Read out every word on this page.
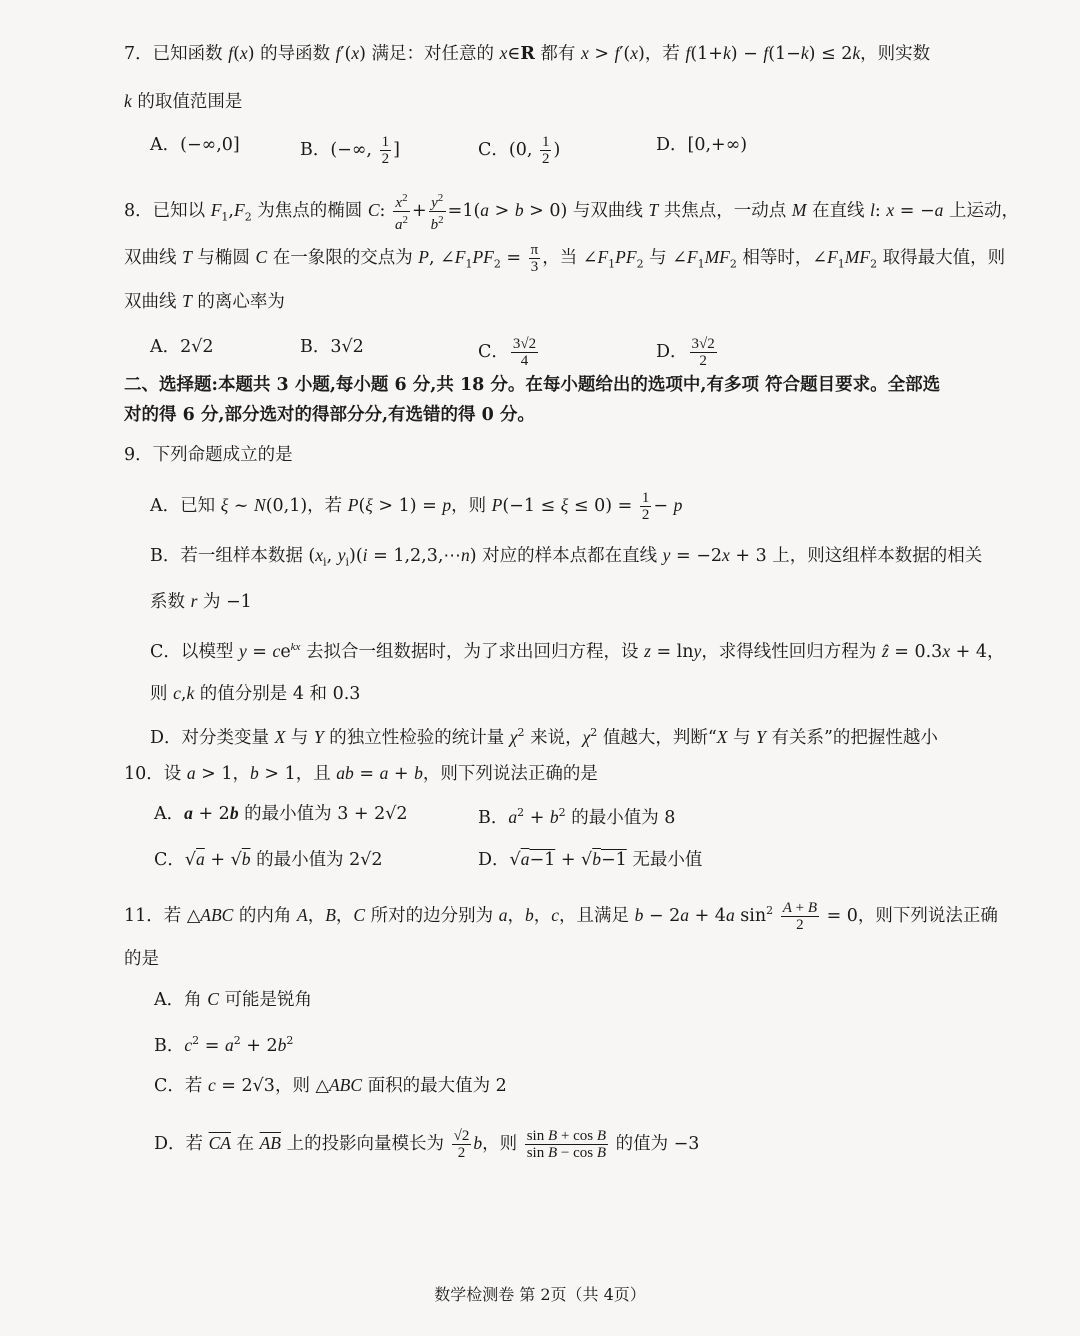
7．已知函数 f(x) 的导函数 f′(x) 满足：对任意的 x∈R 都有 x > f′(x)，若 f(1+k) − f(1−k) ≤ 2k，则实数
k 的取值范围是
A．(−∞,0]	B．(−∞, $\frac{1}{2}$ ]	C．(0, $\frac{1}{2}$ )	D．[0,+∞)
8．已知以 $F_1,F_2$ 为焦点的椭圆 C: $\frac{x^2}{a^2} + \frac{y^2}{b^2} =1(a > b > 0)$ 与双曲线 T 共焦点，一动点 M 在直线 l: x = −a 上运动，
双曲线 T 与椭圆 C 在一象限的交点为 P, $\angle F_1PF_2 = \frac{\pi}{3}$ ，当 $\angle F_1PF_2$ 与 $\angle F_1MF_2$ 相等时，$\angle F_1MF_2$ 取得最大值，则
双曲线 T 的离心率为
A．2√2	B．3√2	C． $\frac{3√2}{4}$	D． $\frac{3√2}{2}$
二、选择题:本题共 3 小题,每小题 6 分,共 18 分。在每小题给出的选项中,有多项 符合题目要求。全部选
对的得 6 分,部分选对的得部分分,有选错的得 0 分。
9．下列命题成立的是
A．已知 ξ ~ N(0,1)，若 P(ξ > 1) = p，则 $P(-1 \le \xi \le 0) = \frac{1}{2} - p$
B．若一组样本数据 ($x_i$, $y_i)(i$ = 1,2,3,⋯n) 对应的样本点都在直线 y = −2x + 3 上，则这组样本数据的相关
系数 r 为 −1
C．以模型 $y = ce^{kx}$ 去拟合一组数据时，为了求出回归方程，设 z = lny，求得线性回归方程为 ẑ = 0.3x + 4，
则 c,k 的值分别是 4 和 0.3
D．对分类变量 X 与 Y 的独立性检验的统计量 $\chi^2$ 来说，$\chi^2$ 值越大，判断“X 与 Y 有关系”的把握性越小
10．设 a > 1，b > 1，且 ab = a + b，则下列说法正确的是
A．a + 2b 的最小值为 3 + 2√2	B．$a^2 + b^2$ 的最小值为 8
C．√a + √b 的最小值为 2√2	D．√a−1 + √b−1 无最小值
11．若 △ABC 的内角 A，B，C 所对的边分别为 a，b，c，且满足 b − 2a + 4a $\sin^2 \frac{A + B}{2} = 0$，则下列说法正确
的是
A．角 C 可能是锐角
B．$c^2 = a^2 + 2b^2$
C．若 c = 2√3，则 △ABC 面积的最大值为 2
D．若 $\overline{CA}$ 在 $\overline{AB}$ 上的投影向量模长为 $\frac{√2}{2}$ b，则 $\frac{\text{sin B + cos B}}{\text{sin B − cos B}}$ 的值为 −3
数学检测卷 第 2页（共 4页）
